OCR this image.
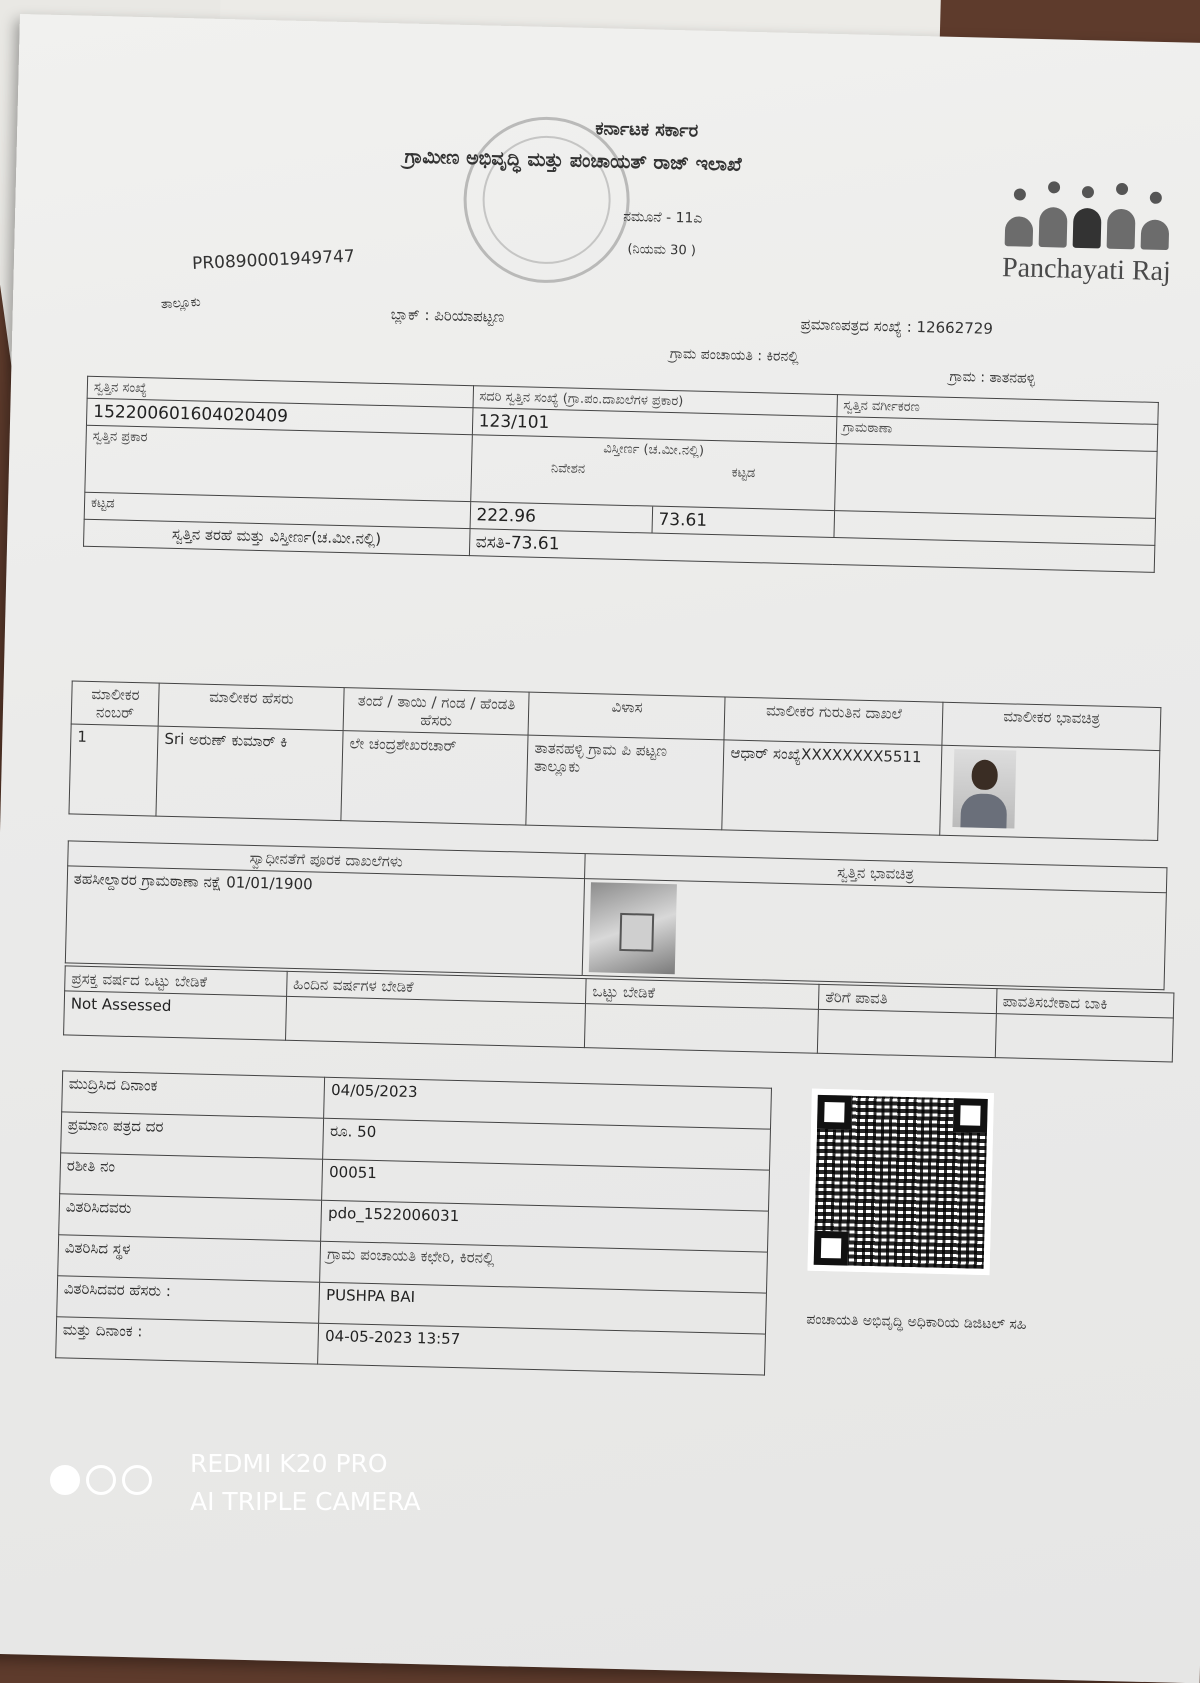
ಕರ್ನಾಟಕ ಸರ್ಕಾರ
ಗ್ರಾಮೀಣ ಅಭಿವೃದ್ಧಿ ಮತ್ತು ಪಂಚಾಯತ್ ರಾಜ್ ಇಲಾಖೆ
ನಮೂನೆ - 11ಎ
(ನಿಯಮ 30 )
PR0890001949747
ತಾಲ್ಲೂಕು
ಬ್ಲಾಕ್ : ಪಿರಿಯಾಪಟ್ಟಣ	ಪ್ರಮಾಣಪತ್ರದ ಸಂಖ್ಯೆ : 12662729
ಗ್ರಾಮ ಪಂಚಾಯತಿ : ಕಿರನಲ್ಲಿ
ಗ್ರಾಮ : ತಾತನಹಳ್ಳಿ
Panchayati Raj
ಸ್ವತ್ತಿನ ಸಂಖ್ಯೆ	ಸದರಿ ಸ್ವತ್ತಿನ ಸಂಖ್ಯೆ (ಗ್ರಾ.ಪಂ.ದಾಖಲೆಗಳ ಪ್ರಕಾರ)	ಸ್ವತ್ತಿನ ವರ್ಗೀಕರಣ

152200601604020409	123/101	ಗ್ರಾಮಠಾಣಾ

ಸ್ವತ್ತಿನ ಪ್ರಕಾರ	ವಿಸ್ತೀರ್ಣ (ಚ.ಮೀ.ನಲ್ಲಿ)
ನಿವೇಶನ ಕಟ್ಟಡ	

ಕಟ್ಟಡ	222.96 73.61	

ಸ್ವತ್ತಿನ ತರಹೆ ಮತ್ತು ವಿಸ್ತೀರ್ಣ(ಚ.ಮೀ.ನಲ್ಲಿ)	ವಸತಿ-73.61	
ಮಾಲೀಕರ ನಂಬರ್	ಮಾಲೀಕರ ಹೆಸರು	ತಂದೆ / ತಾಯಿ / ಗಂಡ / ಹೆಂಡತಿ ಹೆಸರು	ವಿಳಾಸ	ಮಾಲೀಕರ ಗುರುತಿನ ದಾಖಲೆ	ಮಾಲೀಕರ ಭಾವಚಿತ್ರ
1	Sri ಅರುಣ್ ಕುಮಾರ್ ಕಿ	ಲೇ ಚಂದ್ರಶೇಖರಚಾರ್	ತಾತನಹಳ್ಳಿ ಗ್ರಾಮ ಪಿ ಪಟ್ಟಣ ತಾಲ್ಲೂಕು	ಆಧಾರ್ ಸಂಖ್ಯೆXXXXXXXX5511	
ಸ್ವಾಧೀನತೆಗೆ ಪೂರಕ ದಾಖಲೆಗಳು	ಸ್ವತ್ತಿನ ಭಾವಚಿತ್ರ
ತಹಸೀಲ್ದಾರರ ಗ್ರಾಮಠಾಣಾ ನಕ್ಷೆ 01/01/1900	
ಪ್ರಸಕ್ತ ವರ್ಷದ ಒಟ್ಟು ಬೇಡಿಕೆ	ಹಿಂದಿನ ವರ್ಷಗಳ ಬೇಡಿಕೆ	ಒಟ್ಟು ಬೇಡಿಕೆ	ತೆರಿಗೆ ಪಾವತಿ	ಪಾವತಿಸಬೇಕಾದ ಬಾಕಿ
Not Assessed				
ಮುದ್ರಿಸಿದ ದಿನಾಂಕ	04/05/2023
ಪ್ರಮಾಣ ಪತ್ರದ ದರ	ರೂ. 50
ರಶೀತಿ ನಂ	00051
ವಿತರಿಸಿದವರು	pdo_1522006031
ವಿತರಿಸಿದ ಸ್ಥಳ	ಗ್ರಾಮ ಪಂಚಾಯತಿ ಕಛೇರಿ, ಕಿರನಲ್ಲಿ
ವಿತರಿಸಿದವರ ಹೆಸರು :	PUSHPA BAI
ಮತ್ತು ದಿನಾಂಕ :	04-05-2023 13:57
ಪಂಚಾಯತಿ ಅಭಿವೃದ್ಧಿ ಅಧಿಕಾರಿಯ ಡಿಜಿಟಲ್ ಸಹಿ
REDMI K20 PRO
AI TRIPLE CAMERA
